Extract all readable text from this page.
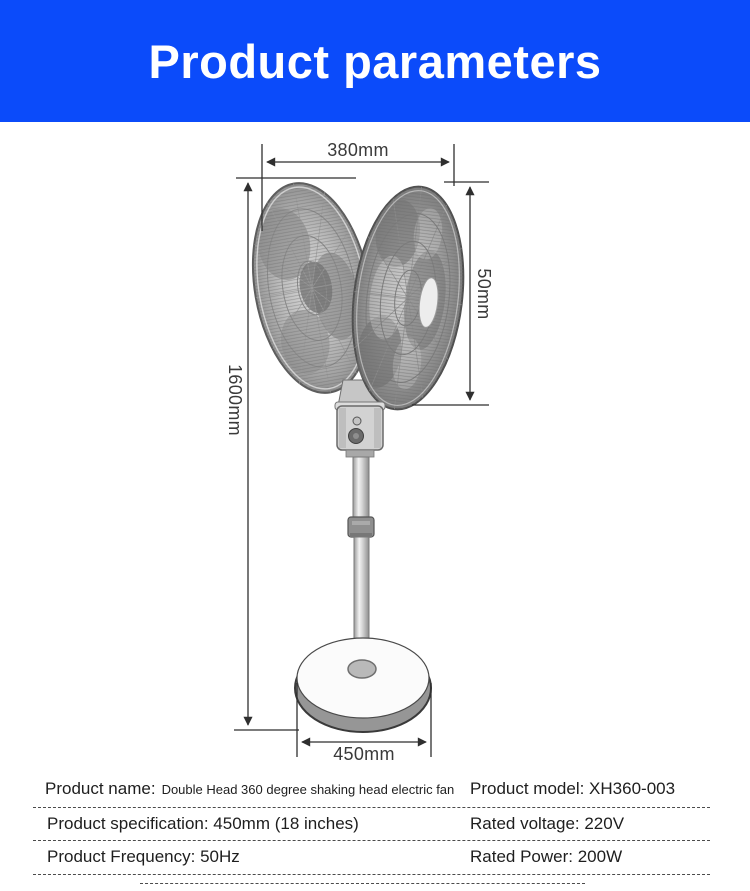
Product parameters
380mm
50mm
1600mm
450mm
Product name: Double Head 360 degree shaking head electric fan Product model: XH360-003
Product specification: 450mm (18 inches)	Rated voltage: 220V
Product Frequency: 50Hz	Rated Power: 200W
